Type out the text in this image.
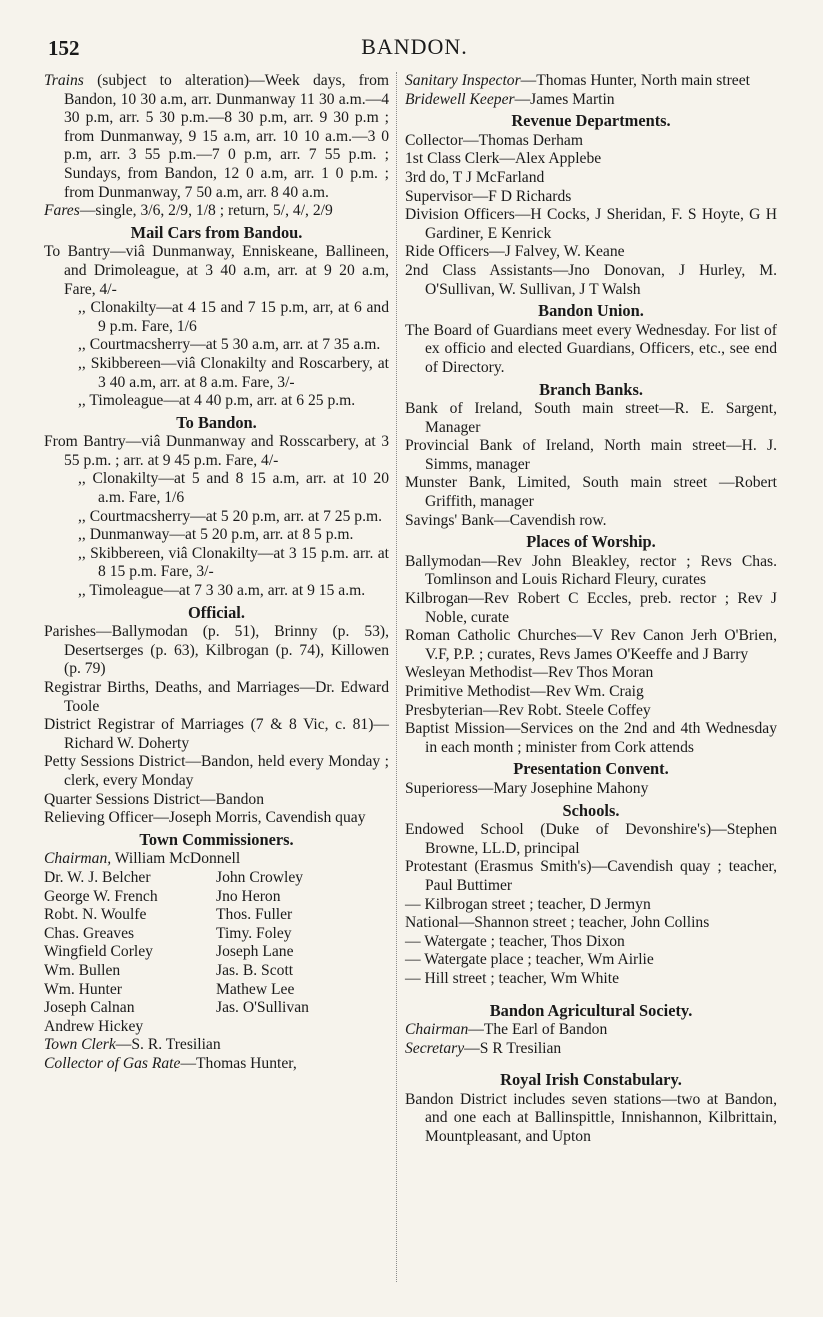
152	BANDON.

Trains (subject to alteration)—Week days, from Bandon, 10 30 a.m, arr. Dunmanway 11 30 a.m.—4 30 p.m, arr. 5 30 p.m.—8 30 p.m, arr. 9 30 p.m ; from Dunmanway, 9 15 a.m, arr. 10 10 a.m.—3 0 p.m, arr. 3 55 p.m.—7 0 p.m, arr. 7 55 p.m. ; Sundays, from Bandon, 12 0 a.m, arr. 1 0 p.m. ; from Dunmanway, 7 50 a.m, arr. 8 40 a.m.

Fares—single, 3/6, 2/9, 1/8 ; return, 5/, 4/, 2/9

Mail Cars from Bandou.

To Bantry—viâ Dunmanway, Enniskeane, Ballineen, and Drimoleague, at 3 40 a.m, arr. at 9 20 a.m, Fare, 4/-

,, Clonakilty—at 4 15 and 7 15 p.m, arr, at 6 and 9 p.m. Fare, 1/6

,, Courtmacsherry—at 5 30 a.m, arr. at 7 35 a.m.

,, Skibbereen—viâ Clonakilty and Roscarbery, at 3 40 a.m, arr. at 8 a.m. Fare, 3/-

,, Timoleague—at 4 40 p.m, arr. at 6 25 p.m.

To Bandon.

From Bantry—viâ Dunmanway and Rosscarbery, at 3 55 p.m. ; arr. at 9 45 p.m. Fare, 4/-

,, Clonakilty—at 5 and 8 15 a.m, arr. at 10 20 a.m. Fare, 1/6

,, Courtmacsherry—at 5 20 p.m, arr. at 7 25 p.m.

,, Dunmanway—at 5 20 p.m, arr. at 8 5 p.m.

,, Skibbereen, viâ Clonakilty—at 3 15 p.m. arr. at 8 15 p.m. Fare, 3/-

,, Timoleague—at 7 3 30 a.m, arr. at 9 15 a.m.

Official.

Parishes—Ballymodan (p. 51), Brinny (p. 53), Desertserges (p. 63), Kilbrogan (p. 74), Killowen (p. 79)

Registrar Births, Deaths, and Marriages—Dr. Edward Toole

District Registrar of Marriages (7 & 8 Vic, c. 81)—Richard W. Doherty

Petty Sessions District—Bandon, held every Monday ; clerk, every Monday

Quarter Sessions District—Bandon

Relieving Officer—Joseph Morris, Cavendish quay

Town Commissioners.

Chairman, William McDonnell

Dr. W. J. Belcher	John Crowley
George W. French	Jno Heron
Robt. N. Woulfe	Thos. Fuller
Chas. Greaves	Timy. Foley
Wingfield Corley	Joseph Lane
Wm. Bullen	Jas. B. Scott
Wm. Hunter	Mathew Lee
Joseph Calnan	Jas. O'Sullivan
Andrew Hickey

Town Clerk—S. R. Tresilian

Collector of Gas Rate—Thomas Hunter,

Sanitary Inspector—Thomas Hunter, North main street

Bridewell Keeper—James Martin

Revenue Departments.

Collector—Thomas Derham

1st Class Clerk—Alex Applebe

3rd do, T J McFarland

Supervisor—F D Richards

Division Officers—H Cocks, J Sheridan, F. S Hoyte, G H Gardiner, E Kenrick

Ride Officers—J Falvey, W. Keane

2nd Class Assistants—Jno Donovan, J Hurley, M. O'Sullivan, W. Sullivan, J T Walsh

Bandon Union.

The Board of Guardians meet every Wednesday. For list of ex officio and elected Guardians, Officers, etc., see end of Directory.

Branch Banks.

Bank of Ireland, South main street—R. E. Sargent, Manager

Provincial Bank of Ireland, North main street—H. J. Simms, manager

Munster Bank, Limited, South main street —Robert Griffith, manager

Savings' Bank—Cavendish row.

Places of Worship.

Ballymodan—Rev John Bleakley, rector ; Revs Chas. Tomlinson and Louis Richard Fleury, curates

Kilbrogan—Rev Robert C Eccles, preb. rector ; Rev J Noble, curate

Roman Catholic Churches—V Rev Canon Jerh O'Brien, V.F, P.P. ; curates, Revs James O'Keeffe and J Barry

Wesleyan Methodist—Rev Thos Moran

Primitive Methodist—Rev Wm. Craig

Presbyterian—Rev Robt. Steele Coffey

Baptist Mission—Services on the 2nd and 4th Wednesday in each month ; minister from Cork attends

Presentation Convent.

Superioress—Mary Josephine Mahony

Schools.

Endowed School (Duke of Devonshire's)—Stephen Browne, LL.D, principal

Protestant (Erasmus Smith's)—Cavendish quay ; teacher, Paul Buttimer

— Kilbrogan street ; teacher, D Jermyn

National—Shannon street ; teacher, John Collins

— Watergate ; teacher, Thos Dixon

— Watergate place ; teacher, Wm Airlie

— Hill street ; teacher, Wm White

Bandon Agricultural Society.

Chairman—The Earl of Bandon

Secretary—S R Tresilian

Royal Irish Constabulary.

Bandon District includes seven stations—two at Bandon, and one each at Ballinspittle, Innishannon, Kilbrittain, Mountpleasant, and Upton
